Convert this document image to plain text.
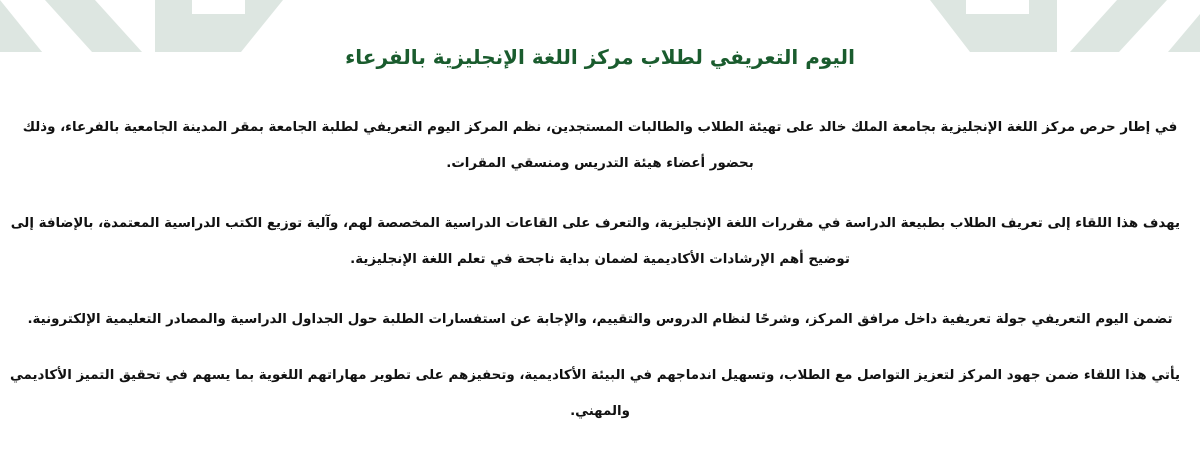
اليوم التعريفي لطلاب مركز اللغة الإنجليزية بالفرعاء

في إطار حرص مركز اللغة الإنجليزية بجامعة الملك خالد على تهيئة الطلاب والطالبات المستجدين، نظم المركز اليوم التعريفي لطلبة الجامعة بمقر المدينة الجامعية بالفرعاء، وذلك
بحضور أعضاء هيئة التدريس ومنسقي المقرات.

يهدف هذا اللقاء إلى تعريف الطلاب بطبيعة الدراسة في مقررات اللغة الإنجليزية، والتعرف على القاعات الدراسية المخصصة لهم، وآلية توزيع الكتب الدراسية المعتمدة، بالإضافة إلى
توضيح أهم الإرشادات الأكاديمية لضمان بداية ناجحة في تعلم اللغة الإنجليزية.

تضمن اليوم التعريفي جولة تعريفية داخل مرافق المركز، وشرحًا لنظام الدروس والتقييم، والإجابة عن استفسارات الطلبة حول الجداول الدراسية والمصادر التعليمية الإلكترونية.

يأتي هذا اللقاء ضمن جهود المركز لتعزيز التواصل مع الطلاب، وتسهيل اندماجهم في البيئة الأكاديمية، وتحفيزهم على تطوير مهاراتهم اللغوية بما يسهم في تحقيق التميز الأكاديمي
والمهني.
